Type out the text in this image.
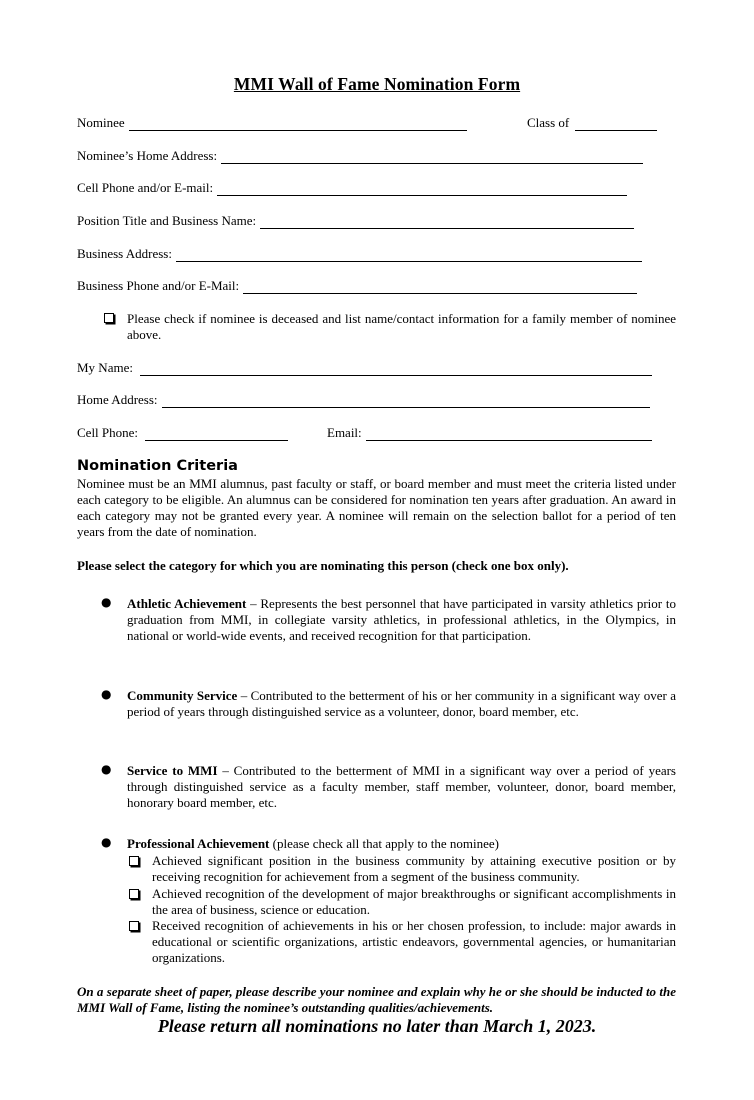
MMI Wall of Fame Nomination Form
Nominee	Class of
Nominee’s Home Address:
Cell Phone and/or E-mail:
Position Title and Business Name:
Business Address:
Business Phone and/or E-Mail:
Please check if nominee is deceased and list name/contact information for a family member of nominee above.
My Name:
Home Address:
Cell Phone:	Email:
Nomination Criteria
Nominee must be an MMI alumnus, past faculty or staff, or board member and must meet the criteria listed under each category to be eligible. An alumnus can be considered for nomination ten years after graduation. An award in each category may not be granted every year. A nominee will remain on the selection ballot for a period of ten years from the date of nomination.
Please select the category for which you are nominating this person (check one box only).
● Athletic Achievement – Represents the best personnel that have participated in varsity athletics prior to graduation from MMI, in collegiate varsity athletics, in professional athletics, in the Olympics, in national or world-wide events, and received recognition for that participation.
● Community Service – Contributed to the betterment of his or her community in a significant way over a period of years through distinguished service as a volunteer, donor, board member, etc.
● Service to MMI – Contributed to the betterment of MMI in a significant way over a period of years through distinguished service as a faculty member, staff member, volunteer, donor, board member, honorary board member, etc.
● Professional Achievement (please check all that apply to the nominee)
Achieved significant position in the business community by attaining executive position or by receiving recognition for achievement from a segment of the business community.
Achieved recognition of the development of major breakthroughs or significant accomplishments in the area of business, science or education.
Received recognition of achievements in his or her chosen profession, to include: major awards in educational or scientific organizations, artistic endeavors, governmental agencies, or humanitarian organizations.
On a separate sheet of paper, please describe your nominee and explain why he or she should be inducted to the MMI Wall of Fame, listing the nominee’s outstanding qualities/achievements.
Please return all nominations no later than March 1, 2023.
